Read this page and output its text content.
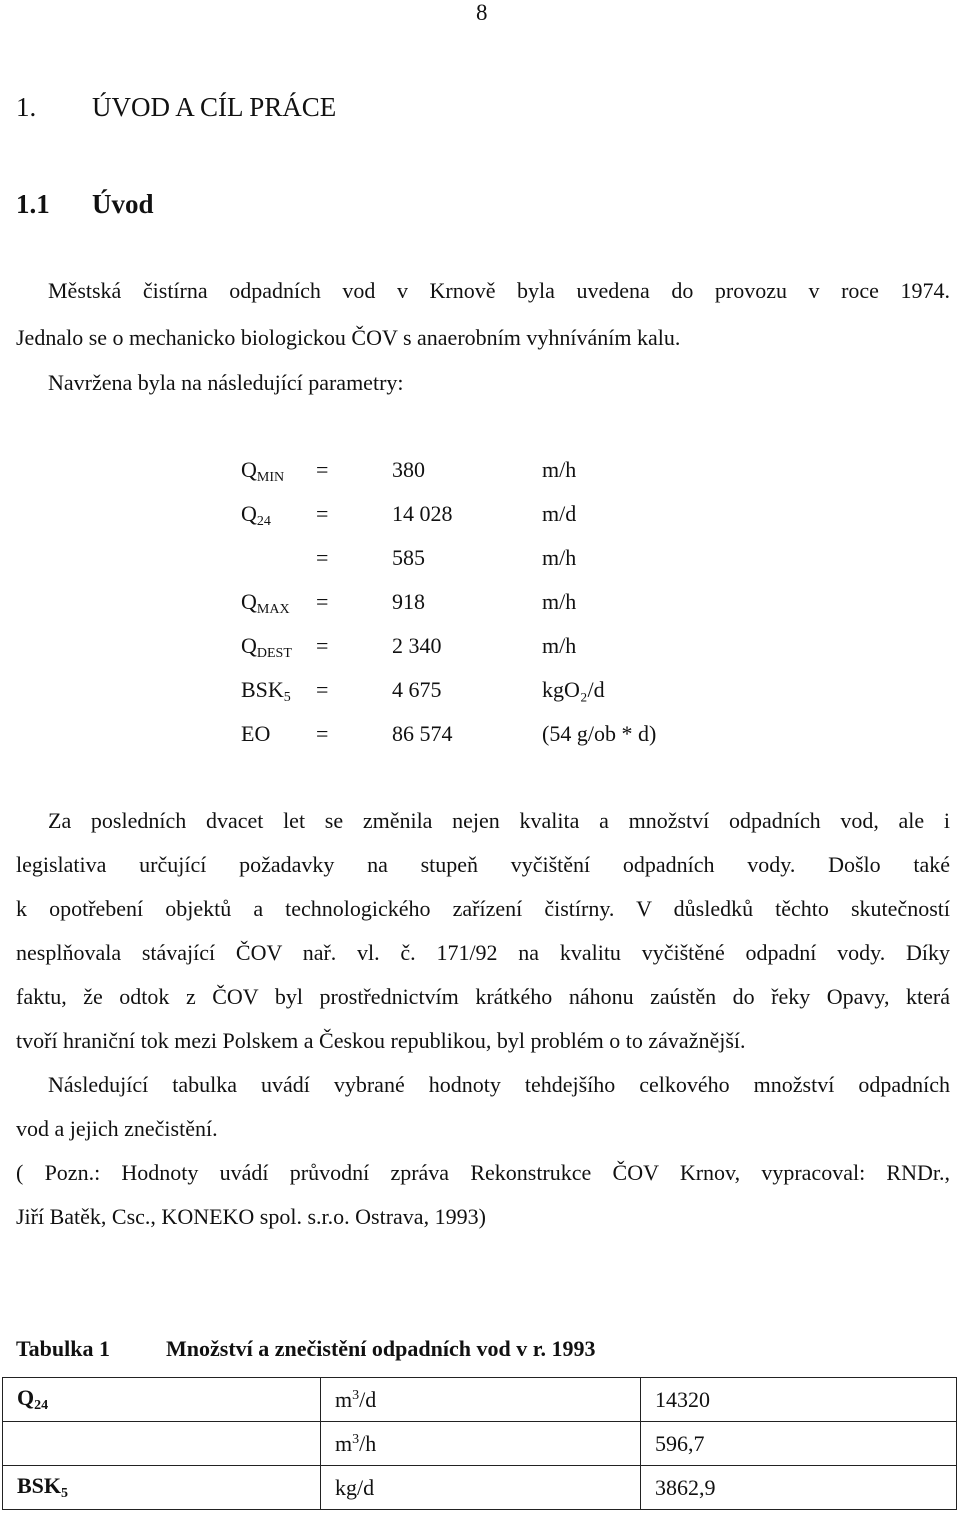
8
1. ÚVOD A CÍL PRÁCE
1.1 Úvod
Městská čistírna odpadních vod v Krnově byla uvedena do provozu v roce 1974.
Jednalo se o mechanicko biologickou ČOV s anaerobním vyhníváním kalu.
Navržena byla na následující parametry:
$Q_{MIN}$ =	380	m/h
$Q_{24}$ =	14 028	m/d
=	585	m/h
$Q_{MAX}$ =	918	m/h
$Q_{DEST}$ =	2 340	m/h
$BSK_5$ =	4 675	kgO₂/d
EO =	86 574	(54 g/ob * d)
Za posledních dvacet let se změnila nejen kvalita a množství odpadních vod, ale i
legislativa určující požadavky na stupeň vyčištění odpadních vody. Došlo také
k opotřebení objektů a technologického zařízení čistírny. V důsledků těchto skutečností
nesplňovala stávající ČOV nař. vl. č. 171/92 na kvalitu vyčištěné odpadní vody. Díky
faktu, že odtok z ČOV byl prostřednictvím krátkého náhonu zaústěn do řeky Opavy, která
tvoří hraniční tok mezi Polskem a Českou republikou, byl problém o to závažnější.
Následující tabulka uvádí vybrané hodnoty tehdejšího celkového množství odpadních
vod a jejich znečistění.
( Pozn.: Hodnoty uvádí průvodní zpráva Rekonstrukce ČOV Krnov, vypracoval: RNDr.,
Jiří Batěk, Csc., KONEKO spol. s.r.o. Ostrava, 1993)
Tabulka 1	Množství a znečistění odpadních vod v r. 1993
$Q_{24}$	$m^3/d$	14320
	$m^3/h$	596,7
$BSK_5$	kg/d	3862,9
